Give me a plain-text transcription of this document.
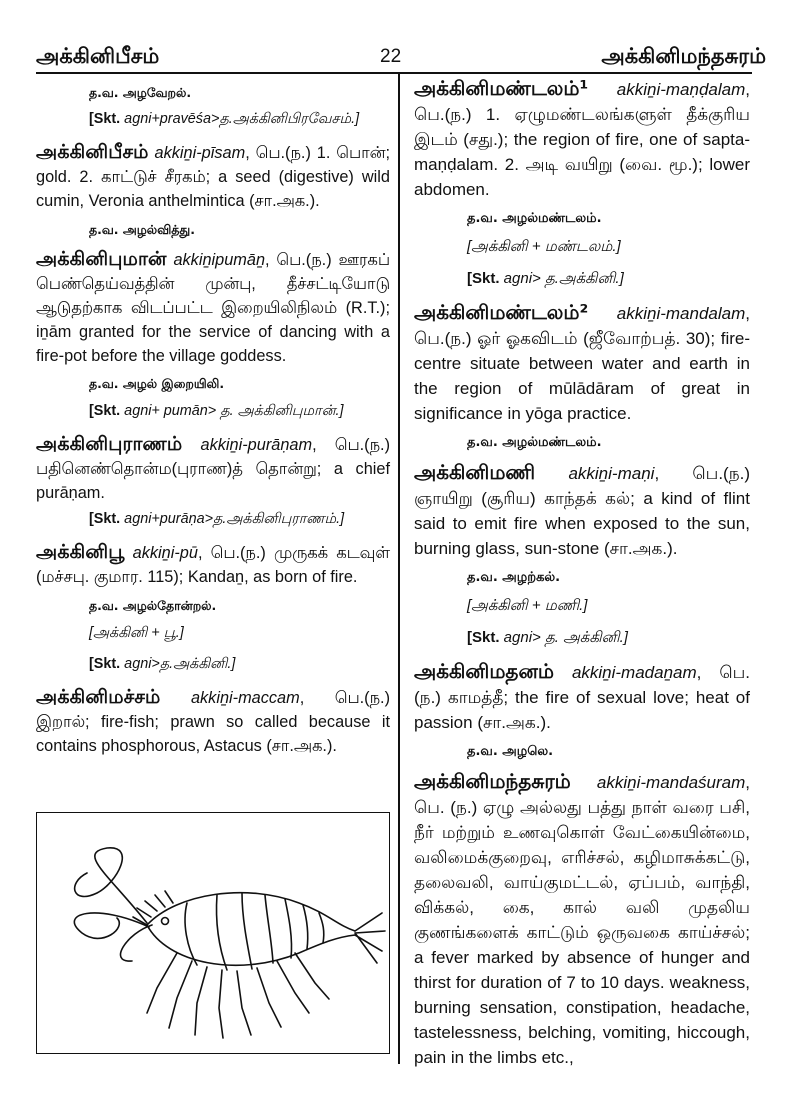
அக்கினிபீசம்	22	அக்கினிமந்தசுரம்
த.வ. அழவேறல்.
[Skt. agni+pravēśa>த.அக்கினிபிரவேசம்.]

அக்கினிபீசம் akkiṉi-pīsam, பெ.(ந.) 1. பொன்; gold. 2. காட்டுச் சீரகம்; a seed (digestive) wild cumin, Veronia anthelmintica (சா.அக.).

த.வ. அழல்வித்து.

அக்கினிபுமான் akkiṉipumāṉ, பெ.(ந.) ஊரகப் பெண்தெய்வத்தின் முன்பு, தீச்சட்டியோடு ஆடுதற்காக விடப்பட்ட இறையிலிநிலம் (R.T.); iṉām granted for the service of dancing with a fire-pot before the village goddess.

த.வ. அழல் இறையிலி.
[Skt. agni+ pumān> த. அக்கினிபுமான்.]

அக்கினிபுராணம் akkiṉi-purāṇam, பெ.(ந.) பதினெண்தொன்ம(புராண)த் தொன்று; a chief purāṇam.

[Skt. agni+purāṇa>த.அக்கினிபுராணம்.]

அக்கினிபூ akkiṉi-pū, பெ.(ந.) முருகக் கடவுள் (மச்சபு. குமார. 115); Kandaṉ, as born of fire.

த.வ. அழல்தோன்றல்.
[அக்கினி + பூ.]
[Skt. agni>த.அக்கினி.]

அக்கினிமச்சம் akkiṉi-maccam, பெ.(ந.) இறால்; fire-fish; prawn so called because it contains phosphorous, Astacus (சா.அக.).

அக்கினிமண்டலம்¹ akkiṉi-maṇḍalam, பெ.(ந.) 1. ஏழுமண்டலங்களுள் தீக்குரிய இடம் (சது.); the region of fire, one of sapta-maṇḍalam. 2. அடி வயிறு (வை. மூ.); lower abdomen.

த.வ. அழல்மண்டலம்.
[அக்கினி + மண்டலம்.]
[Skt. agni> த.அக்கினி.]

அக்கினிமண்டலம்² akkiṉi-mandalam, பெ.(ந.) ஓர் ஓகவிடம் (ஜீவோற்பத். 30); fire-centre situate between water and earth in the region of mūlādāram of great in significance in yōga practice.

த.வ. அழல்மண்டலம்.

அக்கினிமணி akkiṉi-maṇi, பெ.(ந.) ஞாயிறு (சூரிய) காந்தக் கல்; a kind of flint said to emit fire when exposed to the sun, burning glass, sun-stone (சா.அக.).

த.வ. அழற்கல்.
[அக்கினி + மணி.]
[Skt. agni> த. அக்கினி.]

அக்கினிமதனம் akkiṉi-madaṉam, பெ.(ந.) காமத்தீ; the fire of sexual love; heat of passion (சா.அக.).

த.வ. அழலெ.

அக்கினிமந்தசுரம் akkiṉi-mandaśuram, பெ. (ந.) ஏழு அல்லது பத்து நாள் வரை பசி, நீர் மற்றும் உணவுகொள் வேட்கையின்மை, வலிமைக்குறைவு, எரிச்சல், கழிமாசுக்கட்டு, தலைவலி, வாய்குமட்டல், ஏப்பம், வாந்தி, விக்கல், கை, கால் வலி முதலிய குணங்களைக் காட்டும் ஒருவகை காய்ச்சல்; a fever marked by absence of hunger and thirst for duration of 7 to 10 days. weakness, burning sensation, constipation, headache, tastelessness, belching, vomiting, hiccough, pain in the limbs etc.,
